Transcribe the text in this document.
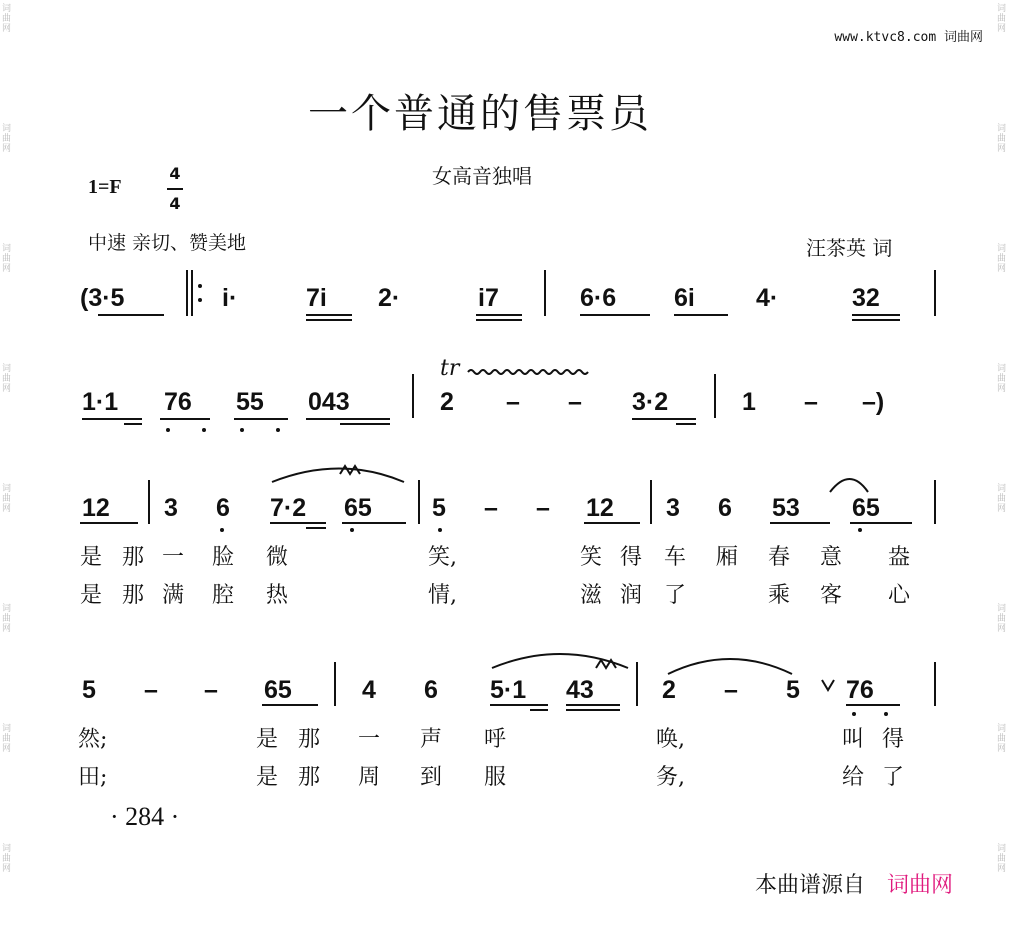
词
曲
网
词
曲
网
词
曲
网
词
曲
网
词
曲
网
词
曲
网
词
曲
网
词
曲
网
词
曲
网
词
曲
网
词
曲
网
词
曲
网
词
曲
网
词
曲
网
词
曲
网
词
曲
网
www.ktvc8.com 词曲网
一个普通的售票员
女高音独唱
1=F
4
4
中速 亲切、赞美地	汪茶英 词
(3·5	i·	7i 2·	i7	6·6 6i 4·	32
1·1 76 55 043
tr
2 – – 3·2	1 – –)
12 3 6 7·2 65 5 – – 12 3 6 53 65
是 那 一 脸 微	笑,	笑 得 车 厢 春 意 盎
是 那 满 腔 热	情,	滋 润 了	乘 客 心
5 – – 65	4 6 5·1 43	2 – 5 76
然;	是 那 一 声 呼	唤,	叫 得
田;	是 那 周 到 服	务,	给 了
· 284 ·
本曲谱源自 词曲网
